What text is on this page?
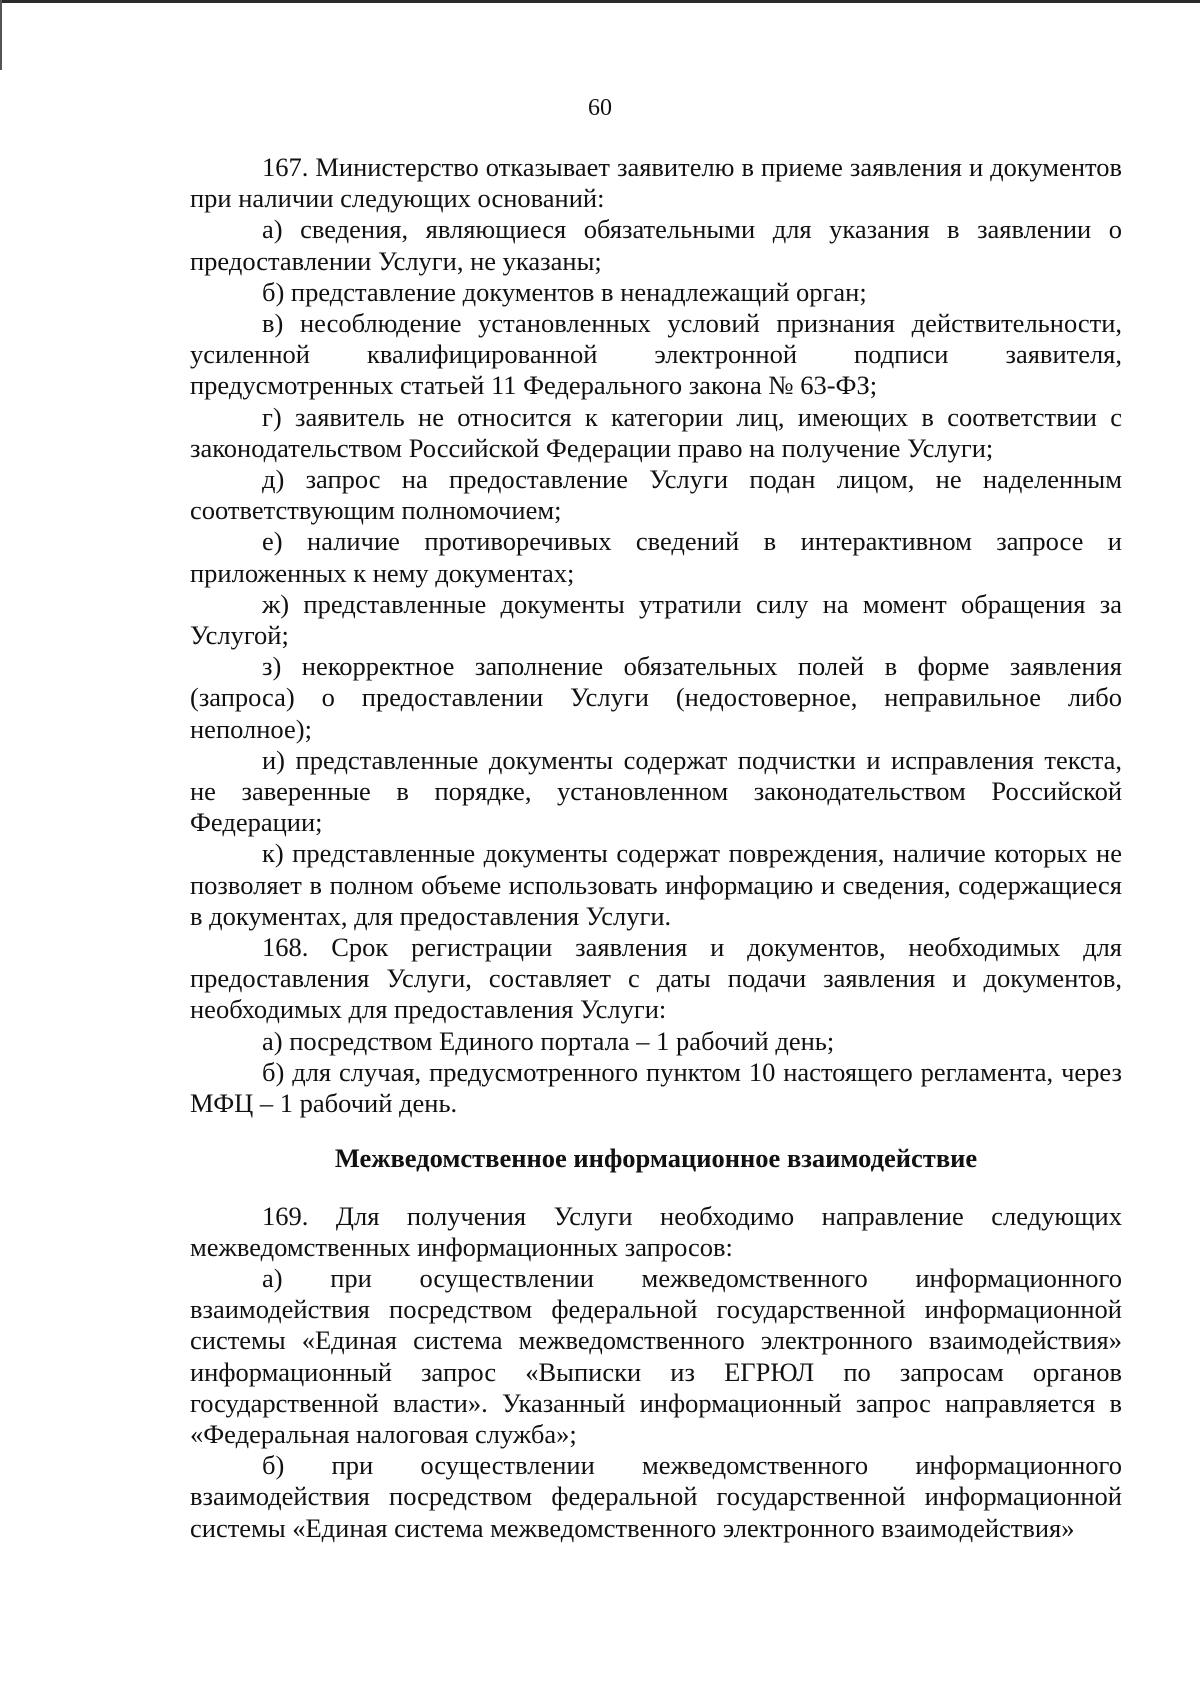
60

167. Министерство отказывает заявителю в приеме заявления и документов при наличии следующих оснований:

а) сведения, являющиеся обязательными для указания в заявлении о предоставлении Услуги, не указаны;

б) представление документов в ненадлежащий орган;

в) несоблюдение установленных условий признания действительности, усиленной квалифицированной электронной подписи заявителя, предусмотренных статьей 11 Федерального закона № 63-ФЗ;

г) заявитель не относится к категории лиц, имеющих в соответствии с законодательством Российской Федерации право на получение Услуги;

д) запрос на предоставление Услуги подан лицом, не наделенным соответствующим полномочием;

е) наличие противоречивых сведений в интерактивном запросе и приложенных к нему документах;

ж) представленные документы утратили силу на момент обращения за Услугой;

з) некорректное заполнение обязательных полей в форме заявления (запроса) о предоставлении Услуги (недостоверное, неправильное либо неполное);

и) представленные документы содержат подчистки и исправления текста, не заверенные в порядке, установленном законодательством Российской Федерации;

к) представленные документы содержат повреждения, наличие которых не позволяет в полном объеме использовать информацию и сведения, содержащиеся в документах, для предоставления Услуги.

168. Срок регистрации заявления и документов, необходимых для предоставления Услуги, составляет с даты подачи заявления и документов, необходимых для предоставления Услуги:

а) посредством Единого портала – 1 рабочий день;

б) для случая, предусмотренного пунктом 10 настоящего регламента, через МФЦ – 1 рабочий день.

Межведомственное информационное взаимодействие

169. Для получения Услуги необходимо направление следующих межведомственных информационных запросов:

а) при осуществлении межведомственного информационного взаимодействия посредством федеральной государственной информационной системы «Единая система межведомственного электронного взаимодействия» информационный запрос «Выписки из ЕГРЮЛ по запросам органов государственной власти». Указанный информационный запрос направляется в «Федеральная налоговая служба»;

б) при осуществлении межведомственного информационного взаимодействия посредством федеральной государственной информационной системы «Единая система межведомственного электронного взаимодействия»
